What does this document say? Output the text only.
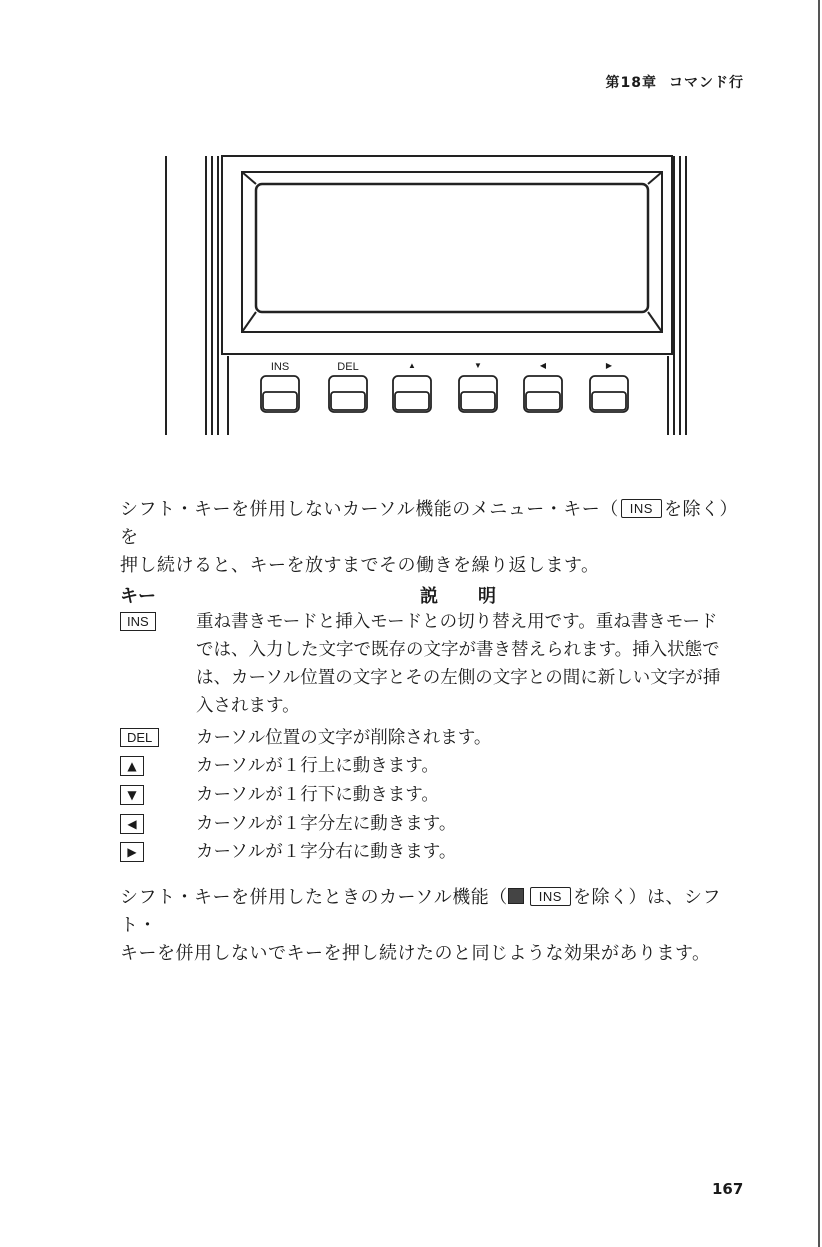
第18章 コマンド行
INS	DEL	▲	▼	◀	▶
シフト・キーを併用しないカーソル機能のメニュー・キー（ INS を除く）を
押し続けると、キーを放すまでその働きを繰り返します。
キー	説明
INS	重ね書きモードと挿入モードとの切り替え用です。重ね書きモード
では、入力した文字で既存の文字が書き替えられます。挿入状態で
は、カーソル位置の文字とその左側の文字との間に新しい文字が挿
入されます。
DEL	カーソル位置の文字が削除されます。
▲	カーソルが１行上に動きます。
▼	カーソルが１行下に動きます。
◀	カーソルが１字分左に動きます。
▶	カーソルが１字分右に動きます。
シフト・キーを併用したときのカーソル機能（ INS を除く）は、シフト・
キーを併用しないでキーを押し続けたのと同じような効果があります。
167
